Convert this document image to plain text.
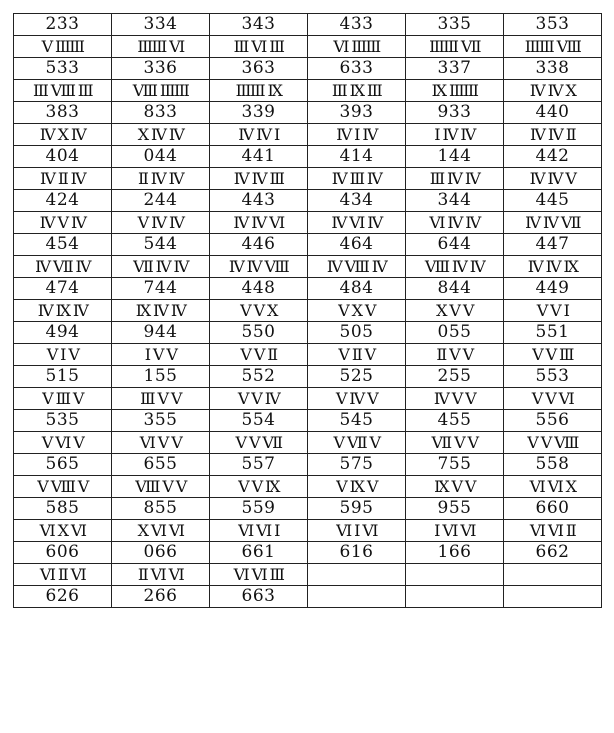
233	334	343	433	335	353
Ⅴ IIIIII	IIIIII Ⅵ	III Ⅵ III	Ⅵ IIIIII	IIIIII Ⅶ	IIIIII Ⅷ
533	336	363	633	337	338
III Ⅷ III	Ⅷ IIIIII	IIIIII Ⅸ	III Ⅸ III	Ⅸ IIIIII	Ⅳ Ⅳ Ⅹ
383	833	339	393	933	440
Ⅳ Ⅹ Ⅳ	Ⅹ Ⅳ Ⅳ	Ⅳ Ⅳ Ⅰ	Ⅳ Ⅰ Ⅳ	Ⅰ Ⅳ Ⅳ	Ⅳ Ⅳ Ⅱ
404	044	441	414	144	442
Ⅳ Ⅱ Ⅳ	Ⅱ Ⅳ Ⅳ	Ⅳ Ⅳ Ⅲ	Ⅳ Ⅲ Ⅳ	Ⅲ Ⅳ Ⅳ	Ⅳ Ⅳ Ⅴ
424	244	443	434	344	445
Ⅳ Ⅴ Ⅳ	Ⅴ Ⅳ Ⅳ	Ⅳ Ⅳ Ⅵ	Ⅳ Ⅵ Ⅳ	Ⅵ Ⅳ Ⅳ	Ⅳ Ⅳ Ⅶ
454	544	446	464	644	447
Ⅳ Ⅶ Ⅳ	Ⅶ Ⅳ Ⅳ	Ⅳ Ⅳ Ⅷ	Ⅳ Ⅷ Ⅳ	Ⅷ Ⅳ Ⅳ	Ⅳ Ⅳ Ⅸ
474	744	448	484	844	449
Ⅳ Ⅸ Ⅳ	Ⅸ Ⅳ Ⅳ	Ⅴ Ⅴ Ⅹ	Ⅴ Ⅹ Ⅴ	Ⅹ Ⅴ Ⅴ	Ⅴ Ⅴ Ⅰ
494	944	550	505	055	551
Ⅴ Ⅰ Ⅴ	Ⅰ Ⅴ Ⅴ	Ⅴ Ⅴ Ⅱ	Ⅴ Ⅱ Ⅴ	Ⅱ Ⅴ Ⅴ	Ⅴ Ⅴ Ⅲ
515	155	552	525	255	553
Ⅴ Ⅲ Ⅴ	Ⅲ Ⅴ Ⅴ	Ⅴ Ⅴ Ⅳ	Ⅴ Ⅳ Ⅴ	Ⅳ Ⅴ Ⅴ	Ⅴ Ⅴ Ⅵ
535	355	554	545	455	556
Ⅴ Ⅵ Ⅴ	Ⅵ Ⅴ Ⅴ	Ⅴ Ⅴ Ⅶ	Ⅴ Ⅶ Ⅴ	Ⅶ Ⅴ Ⅴ	Ⅴ Ⅴ Ⅷ
565	655	557	575	755	558
Ⅴ Ⅷ Ⅴ	Ⅷ Ⅴ Ⅴ	Ⅴ Ⅴ Ⅸ	Ⅴ Ⅸ Ⅴ	Ⅸ Ⅴ Ⅴ	Ⅵ Ⅵ Ⅹ
585	855	559	595	955	660
Ⅵ Ⅹ Ⅵ	Ⅹ Ⅵ Ⅵ	Ⅵ Ⅵ Ⅰ	Ⅵ Ⅰ Ⅵ	Ⅰ Ⅵ Ⅵ	Ⅵ Ⅵ Ⅱ
606	066	661	616	166	662
Ⅵ Ⅱ Ⅵ	Ⅱ Ⅵ Ⅵ	Ⅵ Ⅵ Ⅲ			
626	266	663			
